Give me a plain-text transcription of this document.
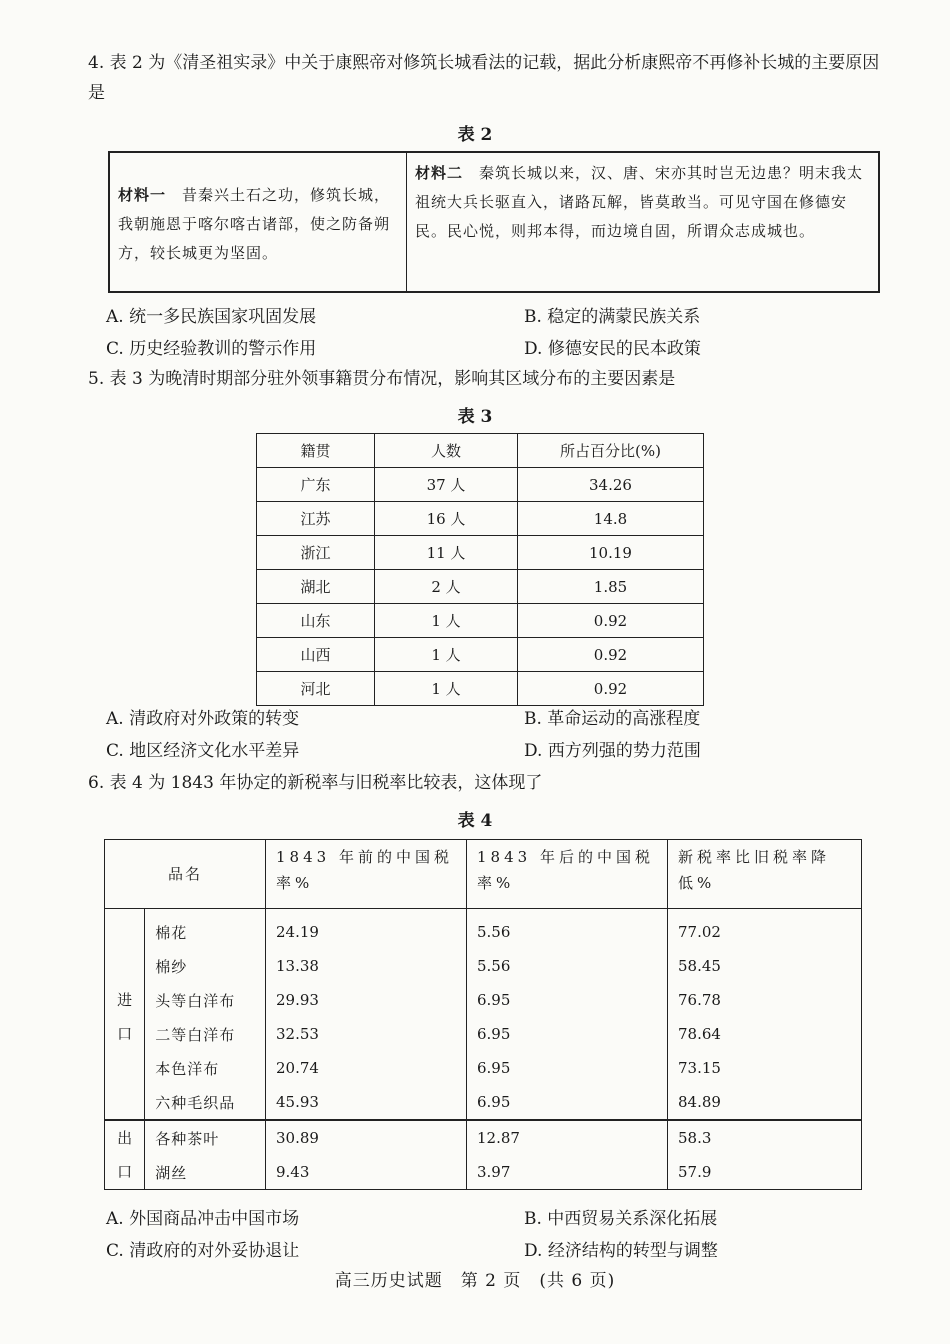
4. 表 2 为《清圣祖实录》中关于康熙帝对修筑长城看法的记载，据此分析康熙帝不再修补长城的主要原因是
表 2
材料一　 昔秦兴土石之功，修筑长城，我朝施恩于喀尔喀古诸部，使之防备朔方，较长城更为坚固。	材料二　 秦筑长城以来，汉、唐、宋亦其时岂无边患？明末我太祖统大兵长驱直入，诸路瓦解，皆莫敢当。可见守国在修德安民。民心悦，则邦本得，而边境自固，所谓众志成城也。
A. 统一多民族国家巩固发展	B. 稳定的满蒙民族关系
C. 历史经验教训的警示作用	D. 修德安民的民本政策
5. 表 3 为晚清时期部分驻外领事籍贯分布情况，影响其区域分布的主要因素是
表 3
籍贯	人数	所占百分比(%)
广东	37 人	34.26
江苏	16 人	14.8
浙江	11 人	10.19
湖北	2 人	1.85
山东	1 人	0.92
山西	1 人	0.92
河北	1 人	0.92
A. 清政府对外政策的转变	B. 革命运动的高涨程度
C. 地区经济文化水平差异	D. 西方列强的势力范围
6. 表 4 为 1843 年协定的新税率与旧税率比较表，这体现了
表 4
品名		1843 年前的中国税率%	1843 年后的中国税率%	新税率比旧税率降低%
进口	棉花	24.19	5.56	77.02
	棉纱	13.38	5.56	58.45
	头等白洋布	29.93	6.95	76.78
	二等白洋布	32.53	6.95	78.64
	本色洋布	20.74	6.95	73.15
	六种毛织品	45.93	6.95	84.89
出口	各种茶叶	30.89	12.87	58.3
	湖丝	9.43	3.97	57.9
A. 外国商品冲击中国市场	B. 中西贸易关系深化拓展
C. 清政府的对外妥协退让	D. 经济结构的转型与调整
高三历史试题　第 2 页　(共 6 页)
